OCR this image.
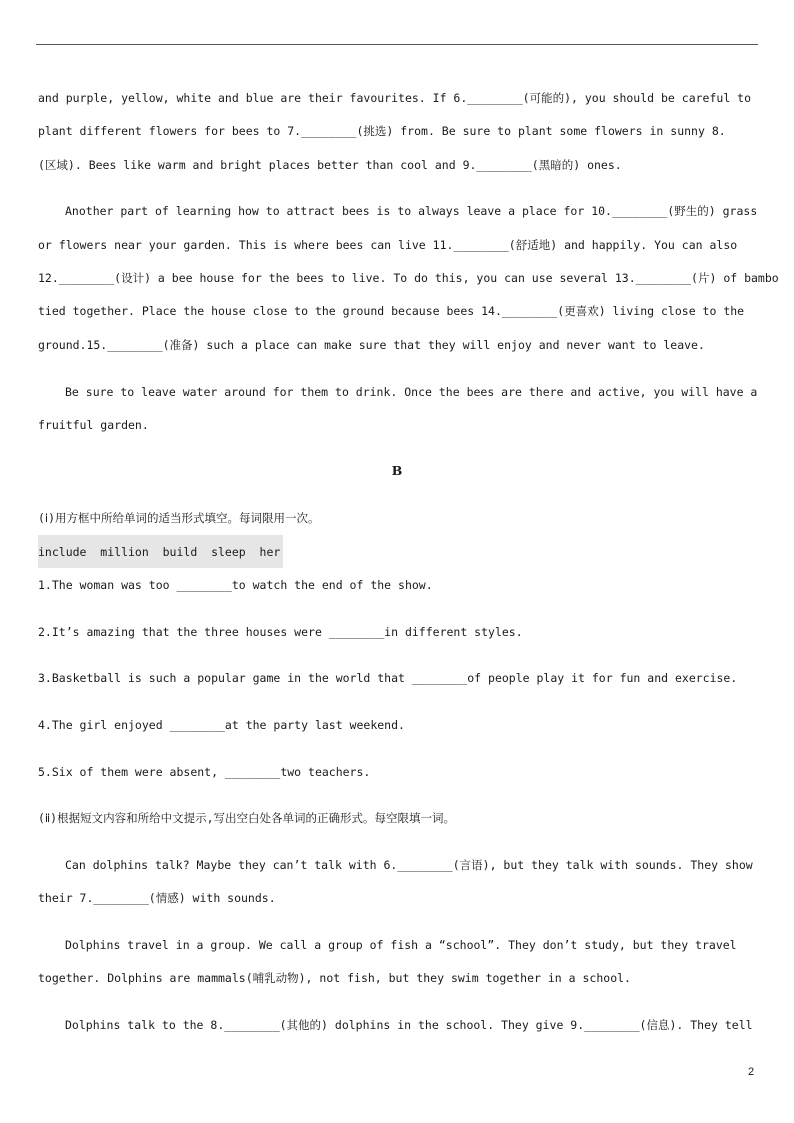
and purple, yellow, white and blue are their favourites. If 6.________(可能的), you should be careful to
plant different flowers for bees to 7.________(挑选) from. Be sure to plant some flowers in sunny 8.
(区域). Bees like warm and bright places better than cool and 9.________(黑暗的) ones.
Another part of learning how to attract bees is to always leave a place for 10.________(野生的) grass
or flowers near your garden. This is where bees can live 11.________(舒适地) and happily. You can also
12.________(设计) a bee house for the bees to live. To do this, you can use several 13.________(片) of bambo
tied together. Place the house close to the ground because bees 14.________(更喜欢) living close to the
ground.15.________(准备) such a place can make sure that they will enjoy and never want to leave.
Be sure to leave water around for them to drink. Once the bees are there and active, you will have a
fruitful garden.
B
(ⅰ)用方框中所给单词的适当形式填空。每词限用一次。
include  million  build  sleep  her
1.The woman was too ________to watch the end of the show.
2.It’s amazing that the three houses were ________in different styles.
3.Basketball is such a popular game in the world that ________of people play it for fun and exercise.
4.The girl enjoyed ________at the party last weekend.
5.Six of them were absent, ________two teachers.
(ⅱ)根据短文内容和所给中文提示,写出空白处各单词的正确形式。每空限填一词。
Can dolphins talk? Maybe they can’t talk with 6.________(言语), but they talk with sounds. They show
their 7.________(情感) with sounds.
Dolphins travel in a group. We call a group of fish a “school”. They don’t study, but they travel
together. Dolphins are mammals(哺乳动物), not fish, but they swim together in a school.
Dolphins talk to the 8.________(其他的) dolphins in the school. They give 9.________(信息). They tell
2
